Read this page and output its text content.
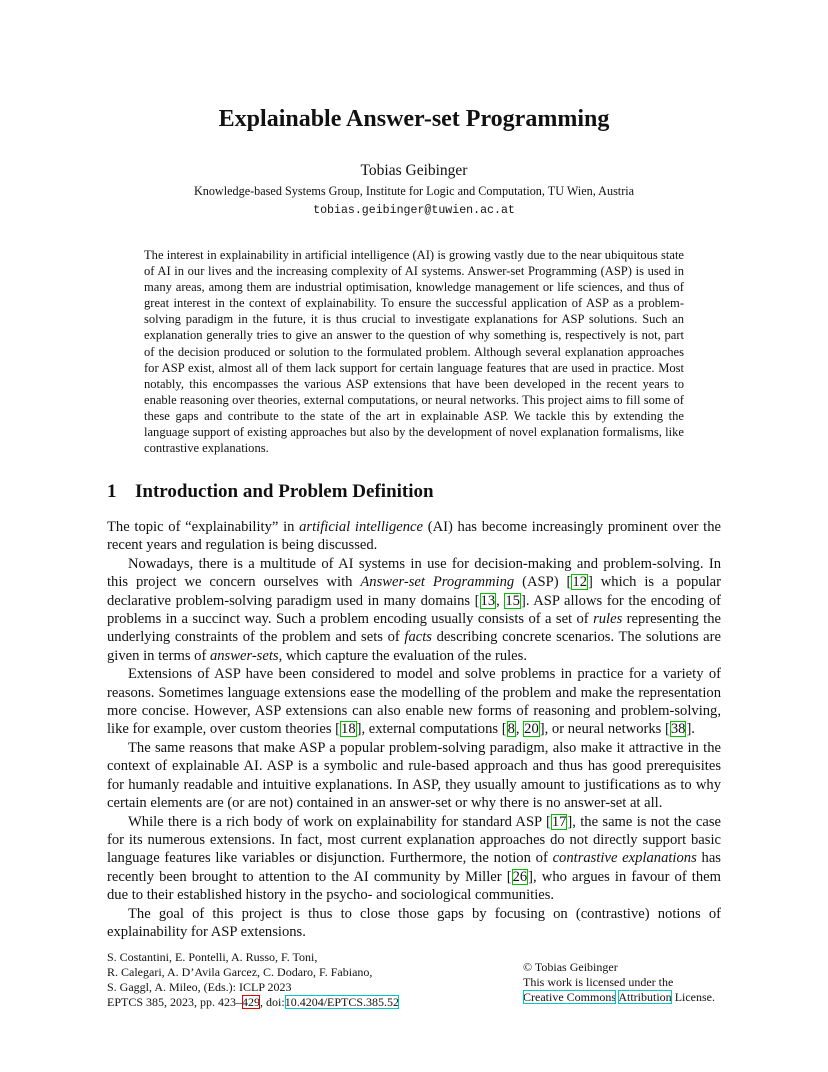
Explainable Answer-set Programming
Tobias Geibinger
Knowledge-based Systems Group, Institute for Logic and Computation, TU Wien, Austria
tobias.geibinger@tuwien.ac.at
The interest in explainability in artificial intelligence (AI) is growing vastly due to the near ubiquitous state of AI in our lives and the increasing complexity of AI systems. Answer-set Programming (ASP) is used in many areas, among them are industrial optimisation, knowledge management or life sciences, and thus of great interest in the context of explainability. To ensure the successful application of ASP as a problem-solving paradigm in the future, it is thus crucial to investigate explanations for ASP solutions. Such an explanation generally tries to give an answer to the question of why something is, respectively is not, part of the decision produced or solution to the formulated problem. Although several explanation approaches for ASP exist, almost all of them lack support for certain language features that are used in practice. Most notably, this encompasses the various ASP extensions that have been developed in the recent years to enable reasoning over theories, external computations, or neural networks. This project aims to fill some of these gaps and contribute to the state of the art in explainable ASP. We tackle this by extending the language support of existing approaches but also by the development of novel explanation formalisms, like contrastive explanations.
1 Introduction and Problem Definition

The topic of “explainability” in artificial intelligence (AI) has become increasingly prominent over the recent years and regulation is being discussed.

Nowadays, there is a multitude of AI systems in use for decision-making and problem-solving. In this project we concern ourselves with Answer-set Programming (ASP) [12] which is a popular declarative problem-solving paradigm used in many domains [13, 15]. ASP allows for the encoding of problems in a succinct way. Such a problem encoding usually consists of a set of rules representing the underlying constraints of the problem and sets of facts describing concrete scenarios. The solutions are given in terms of answer-sets, which capture the evaluation of the rules.

Extensions of ASP have been considered to model and solve problems in practice for a variety of reasons. Sometimes language extensions ease the modelling of the problem and make the representation more concise. However, ASP extensions can also enable new forms of reasoning and problem-solving, like for example, over custom theories [18], external computations [8, 20], or neural networks [38].

The same reasons that make ASP a popular problem-solving paradigm, also make it attractive in the context of explainable AI. ASP is a symbolic and rule-based approach and thus has good prerequisites for humanly readable and intuitive explanations. In ASP, they usually amount to justifications as to why certain elements are (or are not) contained in an answer-set or why there is no answer-set at all.

While there is a rich body of work on explainability for standard ASP [17], the same is not the case for its numerous extensions. In fact, most current explanation approaches do not directly support basic language features like variables or disjunction. Furthermore, the notion of contrastive explanations has recently been brought to attention to the AI community by Miller [26], who argues in favour of them due to their established history in the psycho- and sociological communities.

The goal of this project is thus to close those gaps by focusing on (contrastive) notions of explainability for ASP extensions.

S. Costantini, E. Pontelli, A. Russo, F. Toni,
R. Calegari, A. D’Avila Garcez, C. Dodaro, F. Fabiano,
S. Gaggl, A. Mileo, (Eds.): ICLP 2023
EPTCS 385, 2023, pp. 423–429, doi:10.4204/EPTCS.385.52
© Tobias Geibinger
This work is licensed under the
Creative Commons Attribution License.
